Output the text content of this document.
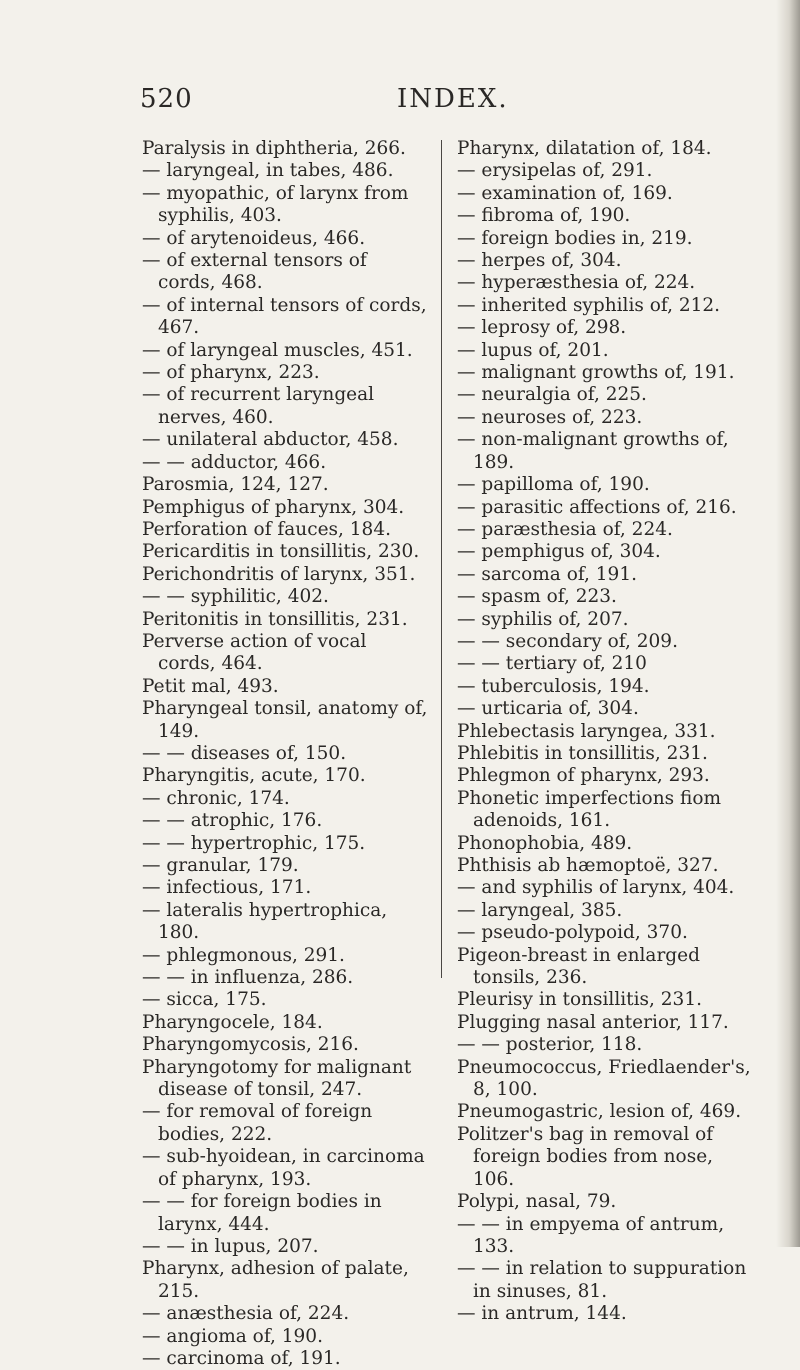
520	INDEX.
Paralysis in diphtheria, 266.
— laryngeal, in tabes, 486.
— myopathic, of larynx from syphilis, 403.
— of arytenoideus, 466.
— of external tensors of cords, 468.
— of internal tensors of cords, 467.
— of laryngeal muscles, 451.
— of pharynx, 223.
— of recurrent laryngeal nerves, 460.
— unilateral abductor, 458.
— — adductor, 466.
Parosmia, 124, 127.
Pemphigus of pharynx, 304.
Perforation of fauces, 184.
Pericarditis in tonsillitis, 230.
Perichondritis of larynx, 351.
— — syphilitic, 402.
Peritonitis in tonsillitis, 231.
Perverse action of vocal cords, 464.
Petit mal, 493.
Pharyngeal tonsil, anatomy of, 149.
— — diseases of, 150.
Pharyngitis, acute, 170.
— chronic, 174.
— — atrophic, 176.
— — hypertrophic, 175.
— granular, 179.
— infectious, 171.
— lateralis hypertrophica, 180.
— phlegmonous, 291.
— — in influenza, 286.
— sicca, 175.
Pharyngocele, 184.
Pharyngomycosis, 216.
Pharyngotomy for malignant disease of tonsil, 247.
— for removal of foreign bodies, 222.
— sub-hyoidean, in carcinoma of pharynx, 193.
— — for foreign bodies in larynx, 444.
— — in lupus, 207.
Pharynx, adhesion of palate, 215.
— anæsthesia of, 224.
— angioma of, 190.
— carcinoma of, 191.
Pharynx, dilatation of, 184.
— erysipelas of, 291.
— examination of, 169.
— fibroma of, 190.
— foreign bodies in, 219.
— herpes of, 304.
— hyperæsthesia of, 224.
— inherited syphilis of, 212.
— leprosy of, 298.
— lupus of, 201.
— malignant growths of, 191.
— neuralgia of, 225.
— neuroses of, 223.
— non-malignant growths of, 189.
— papilloma of, 190.
— parasitic affections of, 216.
— paræsthesia of, 224.
— pemphigus of, 304.
— sarcoma of, 191.
— spasm of, 223.
— syphilis of, 207.
— — secondary of, 209.
— — tertiary of, 210
— tuberculosis, 194.
— urticaria of, 304.
Phlebectasis laryngea, 331.
Phlebitis in tonsillitis, 231.
Phlegmon of pharynx, 293.
Phonetic imperfections fiom adenoids, 161.
Phonophobia, 489.
Phthisis ab hæmoptoë, 327.
— and syphilis of larynx, 404.
— laryngeal, 385.
— pseudo-polypoid, 370.
Pigeon-breast in enlarged tonsils, 236.
Pleurisy in tonsillitis, 231.
Plugging nasal anterior, 117.
— — posterior, 118.
Pneumococcus, Friedlaender's, 8, 100.
Pneumogastric, lesion of, 469.
Politzer's bag in removal of foreign bodies from nose, 106.
Polypi, nasal, 79.
— — in empyema of antrum, 133.
— — in relation to suppuration in sinuses, 81.
— in antrum, 144.
